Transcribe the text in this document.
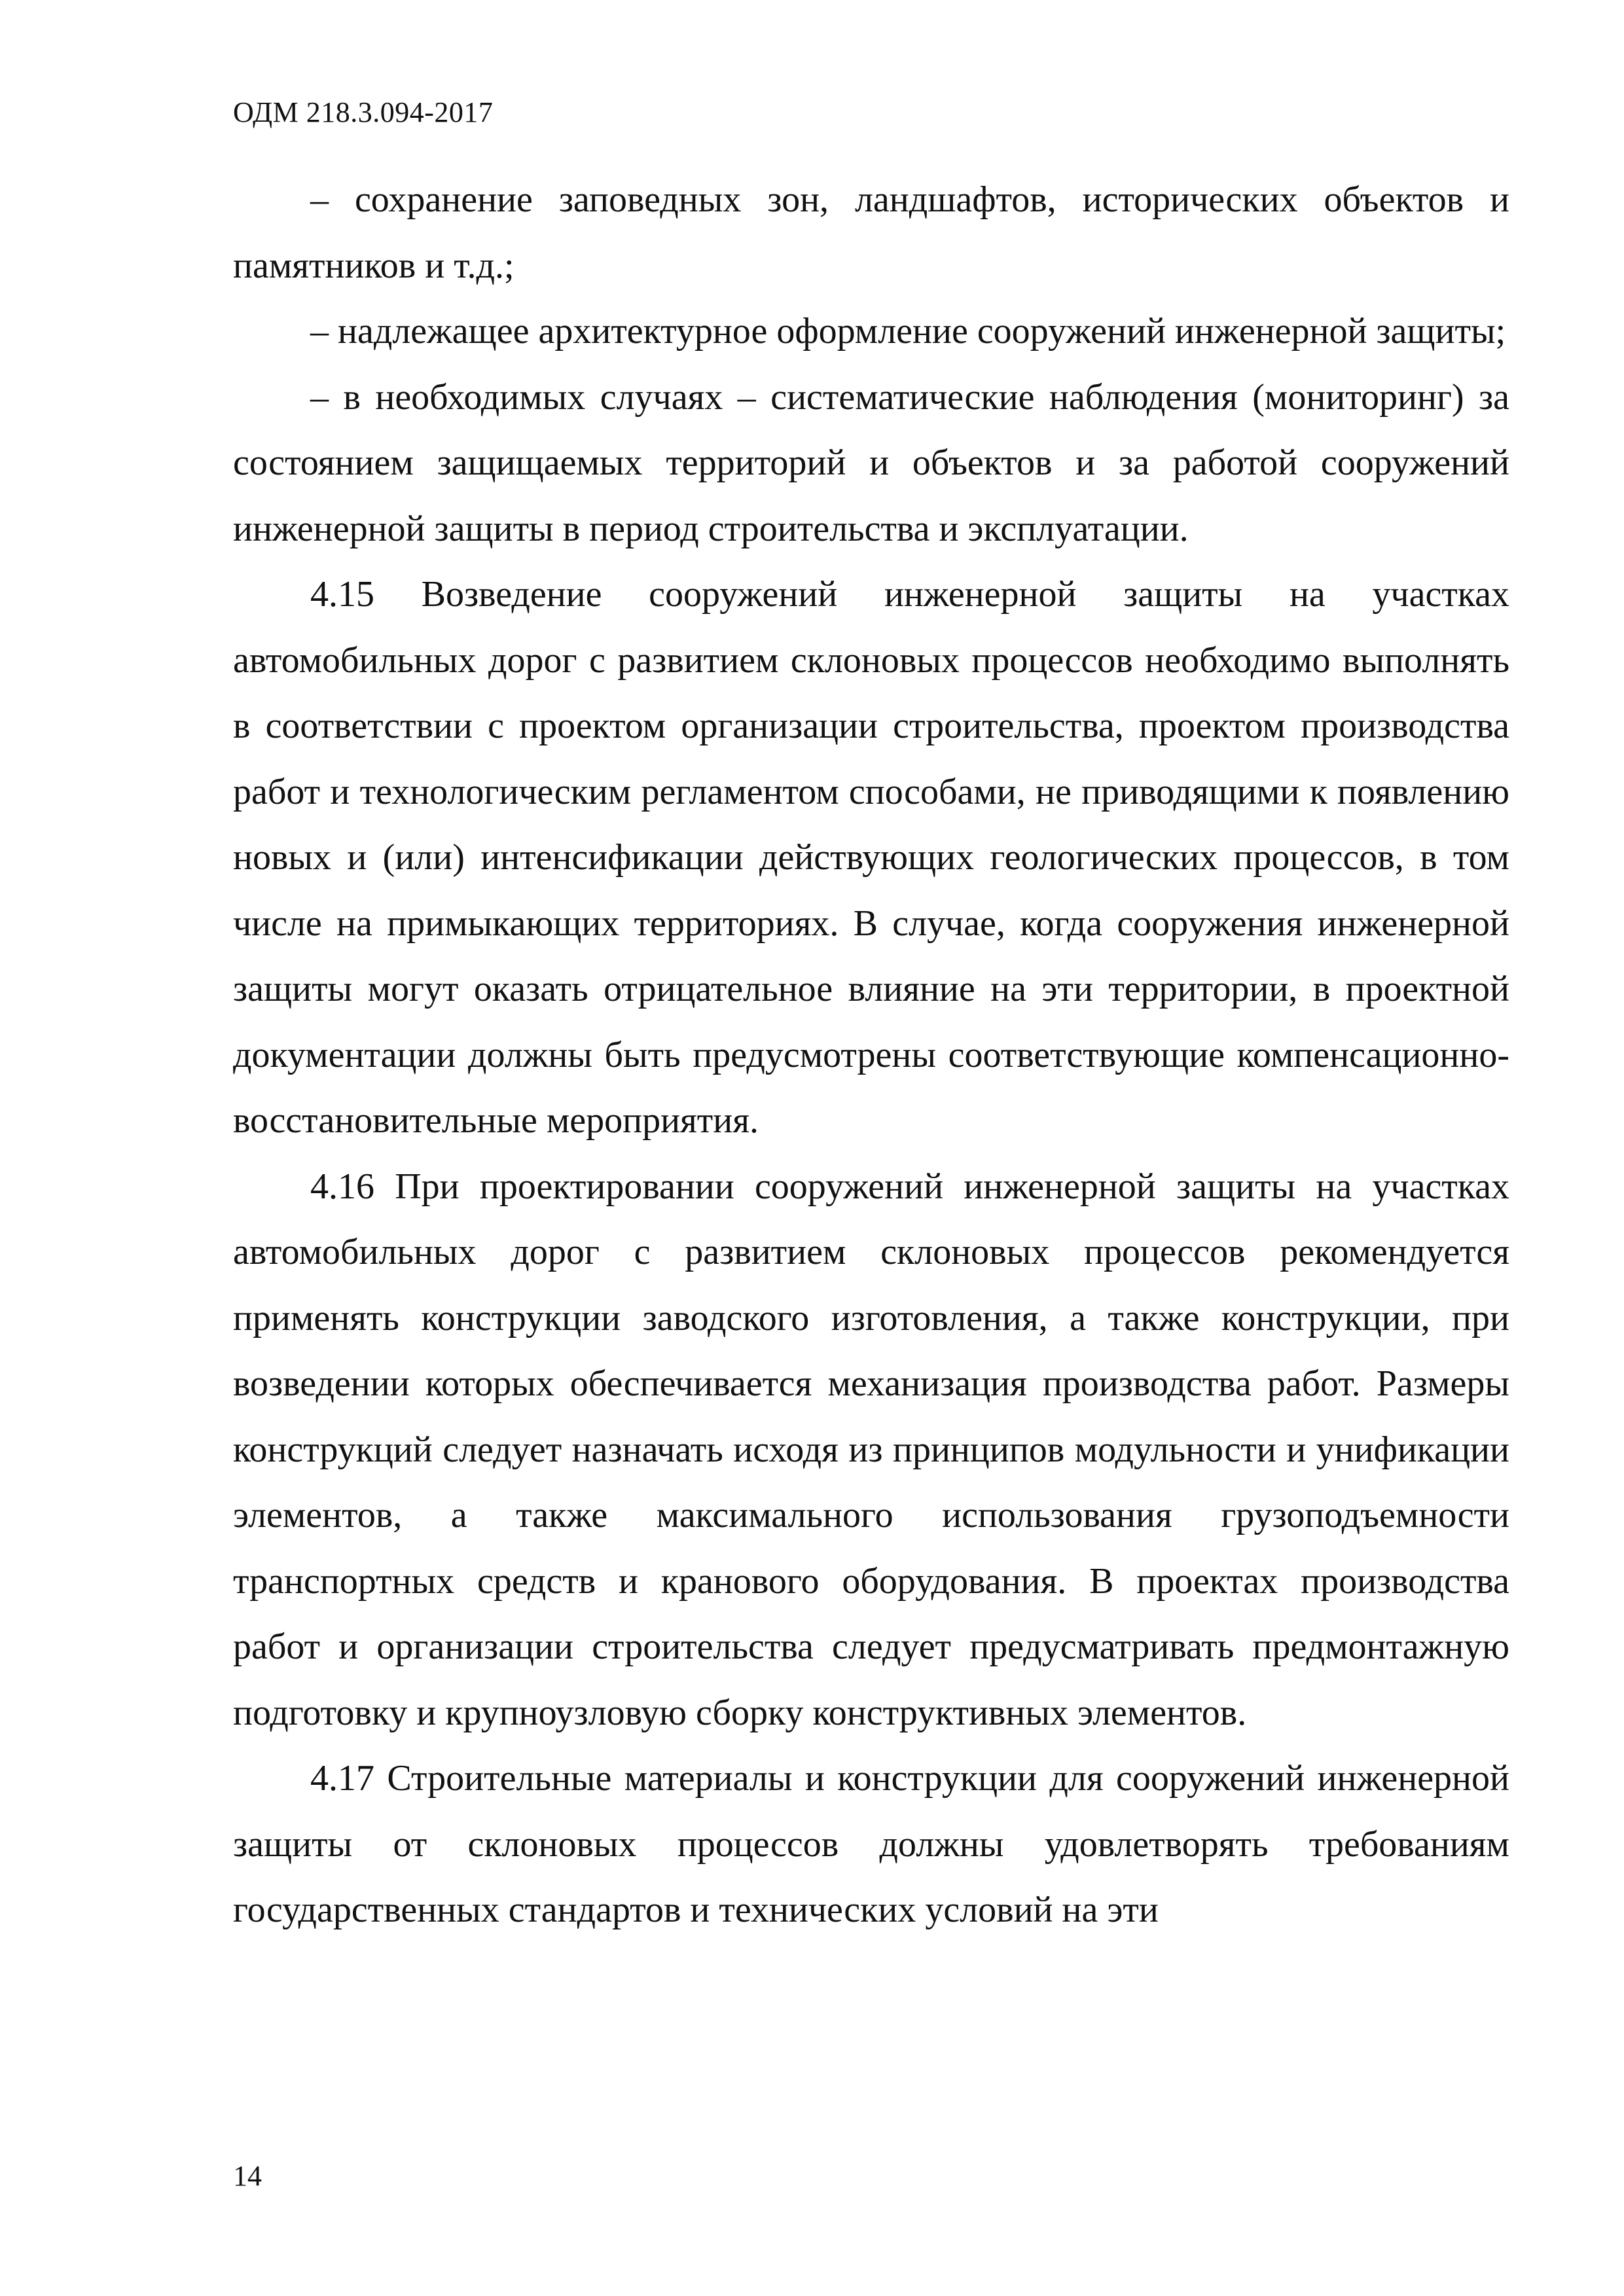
ОДМ 218.3.094-2017

– сохранение заповедных зон, ландшафтов, исторических объектов и памятников и т.д.;

– надлежащее архитектурное оформление сооружений инженерной защиты;

– в необходимых случаях – систематические наблюдения (мониторинг) за состоянием защищаемых территорий и объектов и за работой сооружений инженерной защиты в период строительства и эксплуатации.

4.15 Возведение сооружений инженерной защиты на участках автомобильных дорог с развитием склоновых процессов необходимо выполнять в соответствии с проектом организации строительства, проектом производства работ и технологическим регламентом способами, не приводящими к появлению новых и (или) интенсификации действующих геологических процессов, в том числе на примыкающих территориях. В случае, когда сооружения инженерной защиты могут оказать отрицательное влияние на эти территории, в проектной документации должны быть предусмотрены соответствующие компенсационно-восстановительные мероприятия.

4.16 При проектировании сооружений инженерной защиты на участках автомобильных дорог с развитием склоновых процессов рекомендуется применять конструкции заводского изготовления, а также конструкции, при возведении которых обеспечивается механизация производства работ. Размеры конструкций следует назначать исходя из принципов модульности и унификации элементов, а также максимального использования грузоподъемности транспортных средств и кранового оборудования. В проектах производства работ и организации строительства следует предусматривать предмонтажную подготовку и крупноузловую сборку конструктивных элементов.

4.17 Строительные материалы и конструкции для сооружений инженерной защиты от склоновых процессов должны удовлетворять требованиям государственных стандартов и технических условий на эти

14
